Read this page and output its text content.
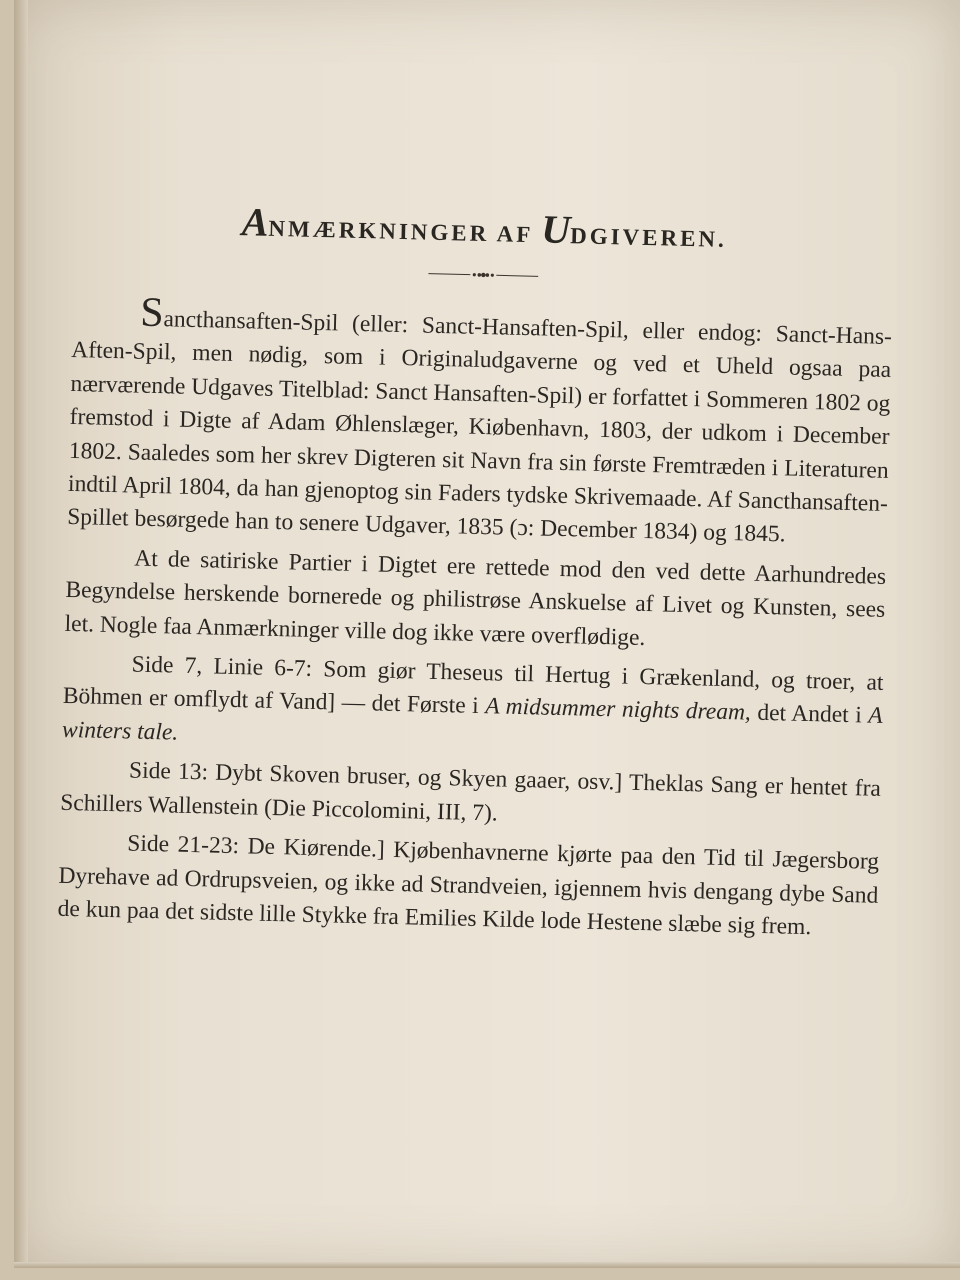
ANMÆRKNINGER AF UDGIVEREN.

Sancthansaften-Spil (eller: Sanct-Hansaften-Spil, eller endog: Sanct-Hans-Aften-Spil, men nødig, som i Originaludgaverne og ved et Uheld ogsaa paa nærværende Udgaves Titelblad: Sanct Hansaften-Spil) er forfattet i Sommeren 1802 og fremstod i Digte af Adam Øhlenslæger, Kiøbenhavn, 1803, der udkom i December 1802. Saaledes som her skrev Digteren sit Navn fra sin første Fremtræden i Literaturen indtil April 1804, da han gjenoptog sin Faders tydske Skrivemaade. Af Sancthansaften-Spillet besørgede han to senere Udgaver, 1835 (ɔ: December 1834) og 1845.

At de satiriske Partier i Digtet ere rettede mod den ved dette Aarhundredes Begyndelse herskende bornerede og philistrøse Anskuelse af Livet og Kunsten, sees let. Nogle faa Anmærkninger ville dog ikke være overflødige.

Side 7, Linie 6-7: Som giør Theseus til Hertug i Grækenland, og troer, at Böhmen er omflydt af Vand] — det Første i A midsummer nights dream, det Andet i A winters tale.

Side 13: Dybt Skoven bruser, og Skyen gaaer, osv.] Theklas Sang er hentet fra Schillers Wallenstein (Die Piccolomini, III, 7).

Side 21-23: De Kiørende.] Kjøbenhavnerne kjørte paa den Tid til Jægersborg Dyrehave ad Ordrupsveien, og ikke ad Strandveien, igjennem hvis dengang dybe Sand de kun paa det sidste lille Stykke fra Emilies Kilde lode Hestene slæbe sig frem.
